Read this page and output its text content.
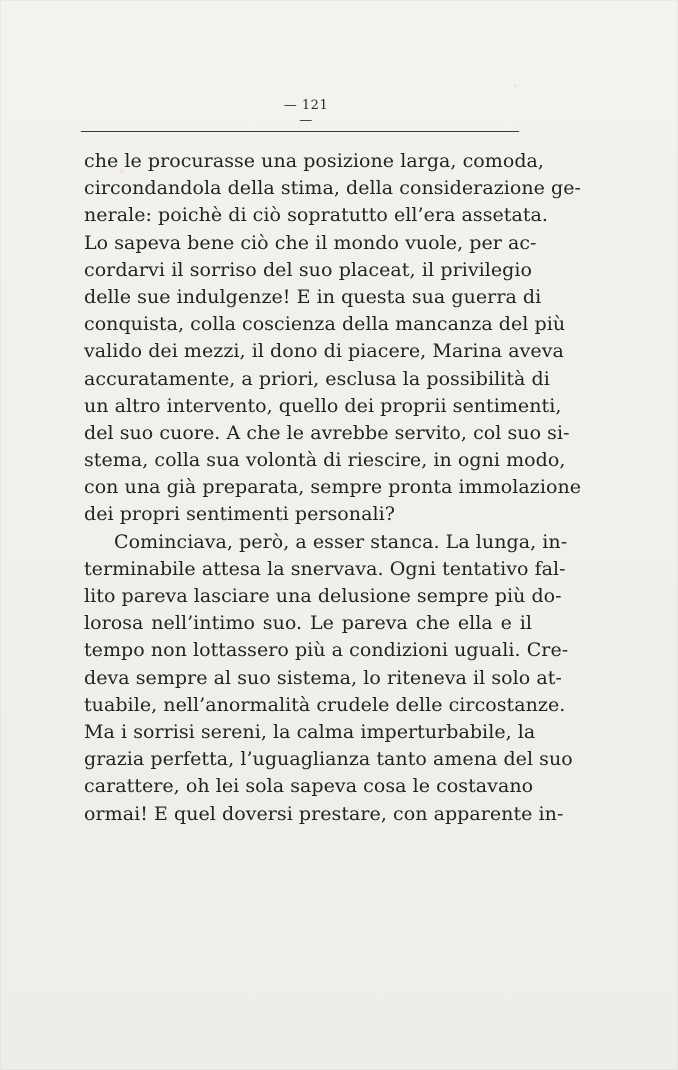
— 121 —
che le procurasse una posizione larga, comoda,
circondandola della stima, della considerazione ge-
nerale: poichè di ciò sopratutto ell’era assetata.
Lo sapeva bene ciò che il mondo vuole, per ac-
cordarvi il sorriso del suo placeat, il privilegio
delle sue indulgenze! E in questa sua guerra di
conquista, colla coscienza della mancanza del più
valido dei mezzi, il dono di piacere, Marina aveva
accuratamente, a priori, esclusa la possibilità di
un altro intervento, quello dei proprii sentimenti,
del suo cuore. A che le avrebbe servito, col suo si-
stema, colla sua volontà di riescire, in ogni modo,
con una già preparata, sempre pronta immolazione
dei propri sentimenti personali?
Cominciava, però, a esser stanca. La lunga, in-
terminabile attesa la snervava. Ogni tentativo fal-
lito pareva lasciare una delusione sempre più do-
lorosa nell’intimo suo. Le pareva che ella e il
tempo non lottassero più a condizioni uguali. Cre-
deva sempre al suo sistema, lo riteneva il solo at-
tuabile, nell’anormalità crudele delle circostanze.
Ma i sorrisi sereni, la calma imperturbabile, la
grazia perfetta, l’uguaglianza tanto amena del suo
carattere, oh lei sola sapeva cosa le costavano
ormai! E quel doversi prestare, con apparente in-
